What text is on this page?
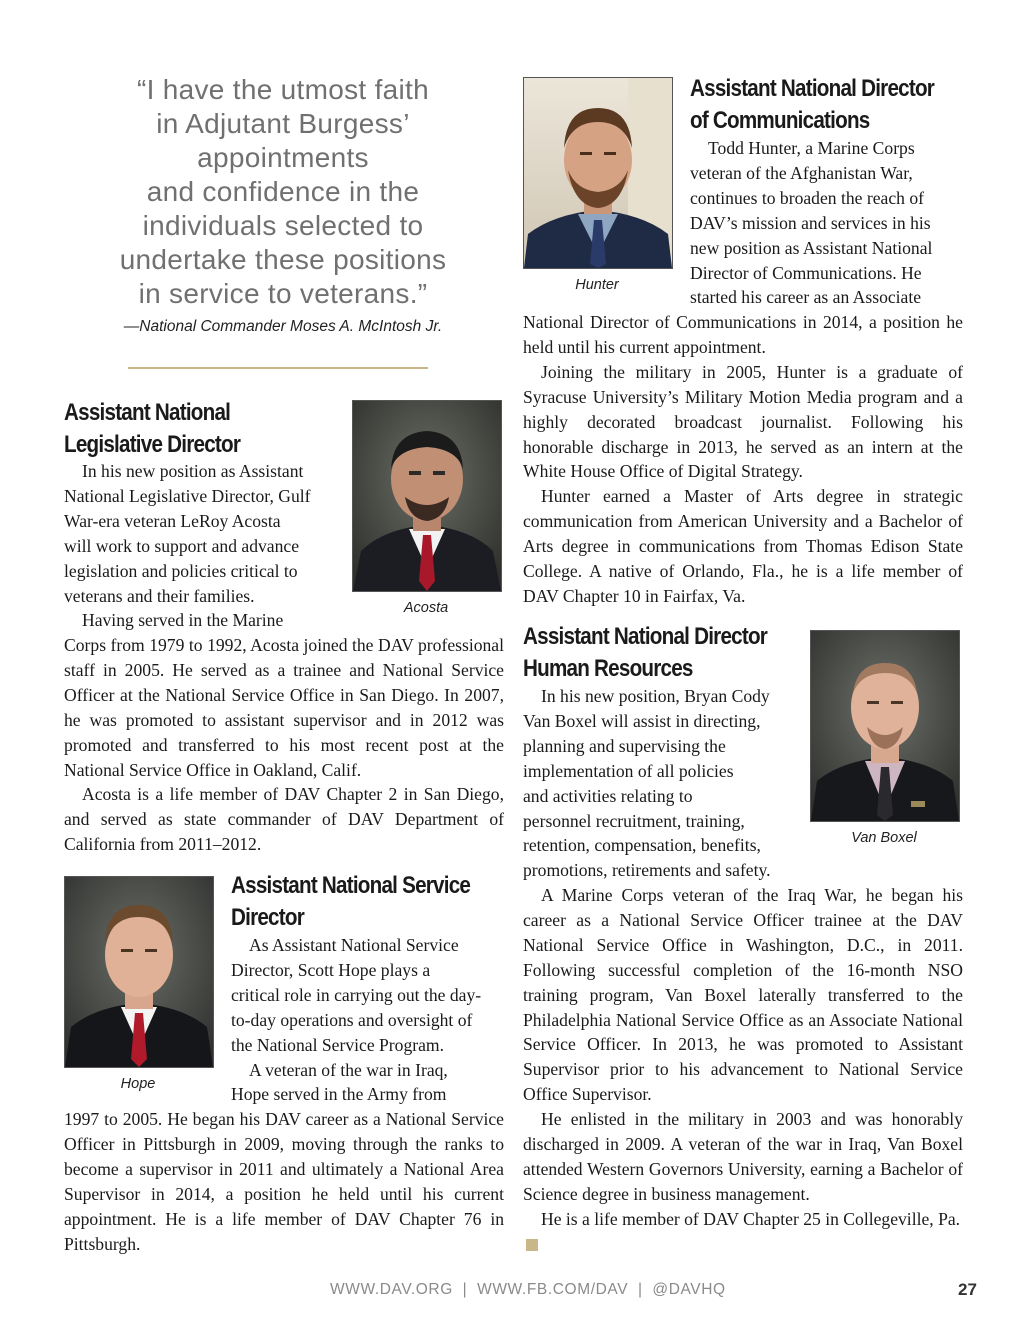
“I have the utmost faith
in Adjutant Burgess’
appointments
and confidence in the
individuals selected to
undertake these positions
in service to veterans.”
—National Commander Moses A. McIntosh Jr.
Assistant National
Legislative Director
Acosta
In his new position as Assistant
National Legislative Director, Gulf
War-era veteran LeRoy Acosta
will work to support and advance
legislation and policies critical to
veterans and their families.
Having served in the Marine
Corps from 1979 to 1992, Acosta joined the DAV professional staff in 2005. He served as a trainee and National Service Officer at the National Service Office in San Diego. In 2007, he was promoted to assistant supervisor and in 2012 was promoted and transferred to his most recent post at the National Service Office in Oakland, Calif.

Acosta is a life member of DAV Chapter 2 in San Diego, and served as state commander of DAV Department of California from 2011–2012.

Hope
Assistant National Service
Director
As Assistant National Service
Director, Scott Hope plays a
critical role in carrying out the day-
to-day operations and oversight of
the National Service Program.
A veteran of the war in Iraq,
Hope served in the Army from
1997 to 2005. He began his DAV career as a National Service Officer in Pittsburgh in 2009, moving through the ranks to become a supervisor in 2011 and ultimately a National Area Supervisor in 2014, a position he held until his current appointment. He is a life member of DAV Chapter 76 in Pittsburgh.
Hunter
Assistant National Director
of Communications
Todd Hunter, a Marine Corps
veteran of the Afghanistan War,
continues to broaden the reach of
DAV’s mission and services in his
new position as Assistant National
Director of Communications. He
started his career as an Associate
National Director of Communications in 2014, a position he held until his current appointment.

Joining the military in 2005, Hunter is a graduate of Syracuse University’s Military Motion Media program and a highly decorated broadcast journalist. Following his honorable discharge in 2013, he served as an intern at the White House Office of Digital Strategy.

Hunter earned a Master of Arts degree in strategic communication from American University and a Bachelor of Arts degree in communications from Thomas Edison State College. A native of Orlando, Fla., he is a life member of DAV Chapter 10 in Fairfax, Va.

Assistant National Director
Human Resources
Van Boxel
In his new position, Bryan Cody
Van Boxel will assist in directing,
planning and supervising the
implementation of all policies
and activities relating to
personnel recruitment, training,
retention, compensation, benefits,
promotions, retirements and safety.

A Marine Corps veteran of the Iraq War, he began his career as a National Service Officer trainee at the DAV National Service Office in Washington, D.C., in 2011. Following successful completion of the 16-month NSO training program, Van Boxel laterally transferred to the Philadelphia National Service Office as an Associate National Service Officer. In 2013, he was promoted to Assistant Supervisor prior to his advancement to National Service Office Supervisor.

He enlisted in the military in 2003 and was honorably discharged in 2009. A veteran of the war in Iraq, Van Boxel attended Western Governors University, earning a Bachelor of Science degree in business management.

He is a life member of DAV Chapter 25 in Collegeville, Pa.

WWW.DAV.ORG  |  WWW.FB.COM/DAV  |  @DAVHQ	27
